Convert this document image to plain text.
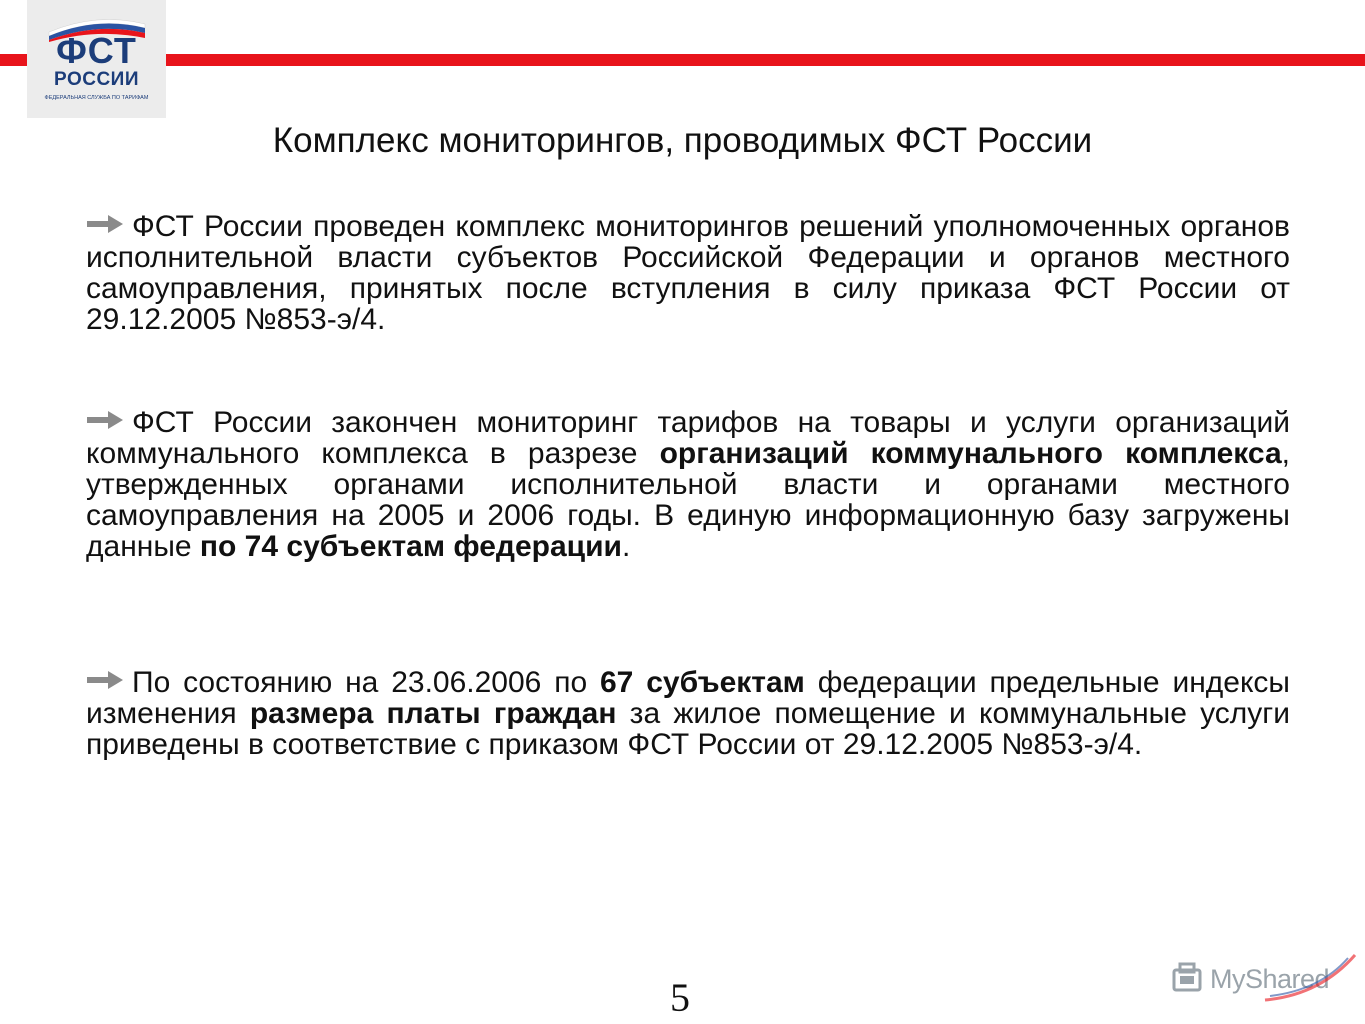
ФСТ
РОССИИ
ФЕДЕРАЛЬНАЯ СЛУЖБА ПО ТАРИФАМ
Комплекс мониторингов, проводимых ФСТ России
ФСТ России проведен комплекс мониторингов решений уполномоченных органов исполнительной власти субъектов Российской Федерации и органов местного самоуправления, принятых после вступления в силу приказа ФСТ России от 29.12.2005 №853-э/4.
ФСТ России закончен мониторинг тарифов на товары и услуги организаций коммунального комплекса в разрезе организаций коммунального комплекса, утвержденных органами исполнительной власти и органами местного самоуправления на 2005 и 2006 годы. В единую информационную базу загружены данные по 74 субъектам федерации.
По состоянию на 23.06.2006 по 67 субъектам федерации предельные индексы изменения размера платы граждан за жилое помещение и коммунальные услуги приведены в соответствие с приказом ФСТ России от 29.12.2005 №853-э/4.
5	MyShared
